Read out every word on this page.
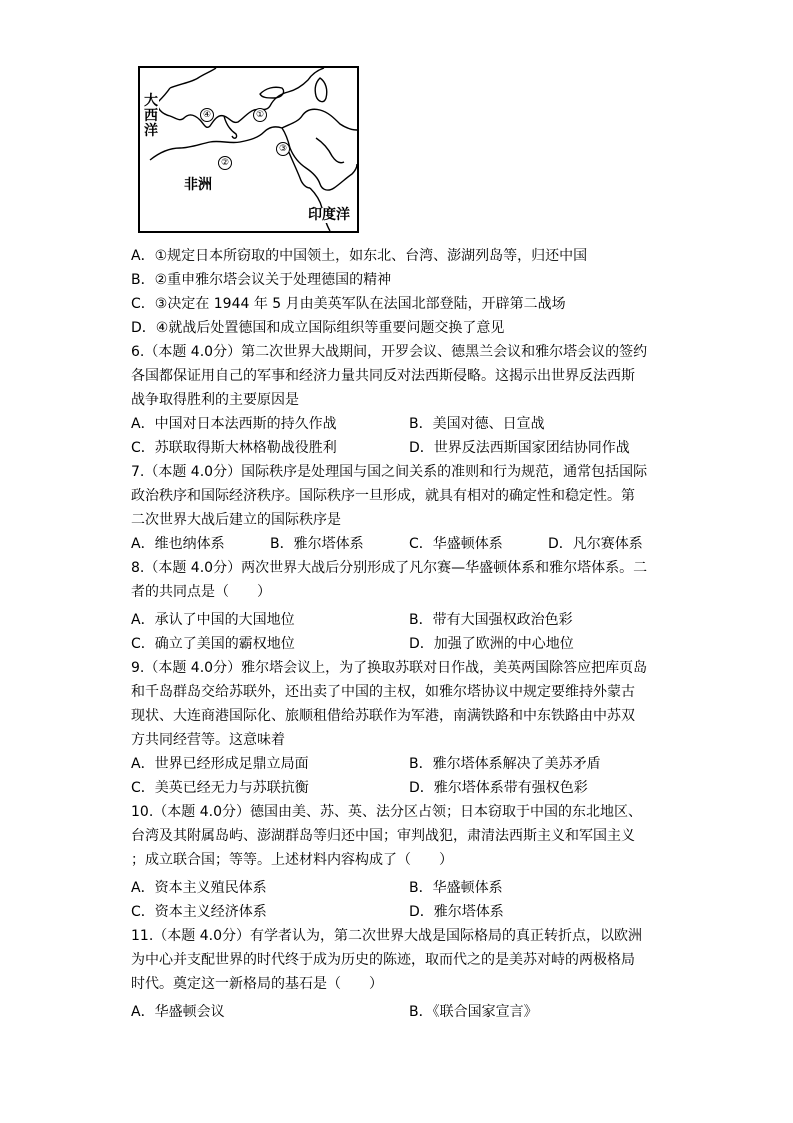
大西洋
非洲
印度洋
①
②
③
④
A．①规定日本所窃取的中国领土，如东北、台湾、澎湖列岛等，归还中国
B．②重申雅尔塔会议关于处理德国的精神
C．③决定在 1944 年 5 月由美英军队在法国北部登陆，开辟第二战场
D．④就战后处置德国和成立国际组织等重要问题交换了意见
6.（本题 4.0分）第二次世界大战期间，开罗会议、德黑兰会议和雅尔塔会议的签约
各国都保证用自己的军事和经济力量共同反对法西斯侵略。这揭示出世界反法西斯
战争取得胜利的主要原因是
A．中国对日本法西斯的持久作战	B．美国对德、日宣战
C．苏联取得斯大林格勒战役胜利	D．世界反法西斯国家团结协同作战
7.（本题 4.0分）国际秩序是处理国与国之间关系的准则和行为规范，通常包括国际
政治秩序和国际经济秩序。国际秩序一旦形成，就具有相对的确定性和稳定性。第
二次世界大战后建立的国际秩序是
A．维也纳体系	B．雅尔塔体系	C．华盛顿体系	D．凡尔赛体系
8.（本题 4.0分）两次世界大战后分别形成了凡尔赛—华盛顿体系和雅尔塔体系。二
者的共同点是（　　）
A．承认了中国的大国地位	B．带有大国强权政治色彩
C．确立了美国的霸权地位	D．加强了欧洲的中心地位
9.（本题 4.0分）雅尔塔会议上，为了换取苏联对日作战，美英两国除答应把库页岛
和千岛群岛交给苏联外，还出卖了中国的主权，如雅尔塔协议中规定要维持外蒙古
现状、大连商港国际化、旅顺租借给苏联作为军港，南满铁路和中东铁路由中苏双
方共同经营等。这意味着
A．世界已经形成足鼎立局面	B．雅尔塔体系解决了美苏矛盾
C．美英已经无力与苏联抗衡	D．雅尔塔体系带有强权色彩
10.（本题 4.0分）德国由美、苏、英、法分区占领；日本窃取于中国的东北地区、
台湾及其附属岛屿、澎湖群岛等归还中国；审判战犯，肃清法西斯主义和军国主义
；成立联合国；等等。上述材料内容构成了（　　）
A．资本主义殖民体系	B．华盛顿体系
C．资本主义经济体系	D．雅尔塔体系
11.（本题 4.0分）有学者认为，第二次世界大战是国际格局的真正转折点，以欧洲
为中心并支配世界的时代终于成为历史的陈迹，取而代之的是美苏对峙的两极格局
时代。奠定这一新格局的基石是（　　）
A．华盛顿会议	B．《联合国家宣言》
